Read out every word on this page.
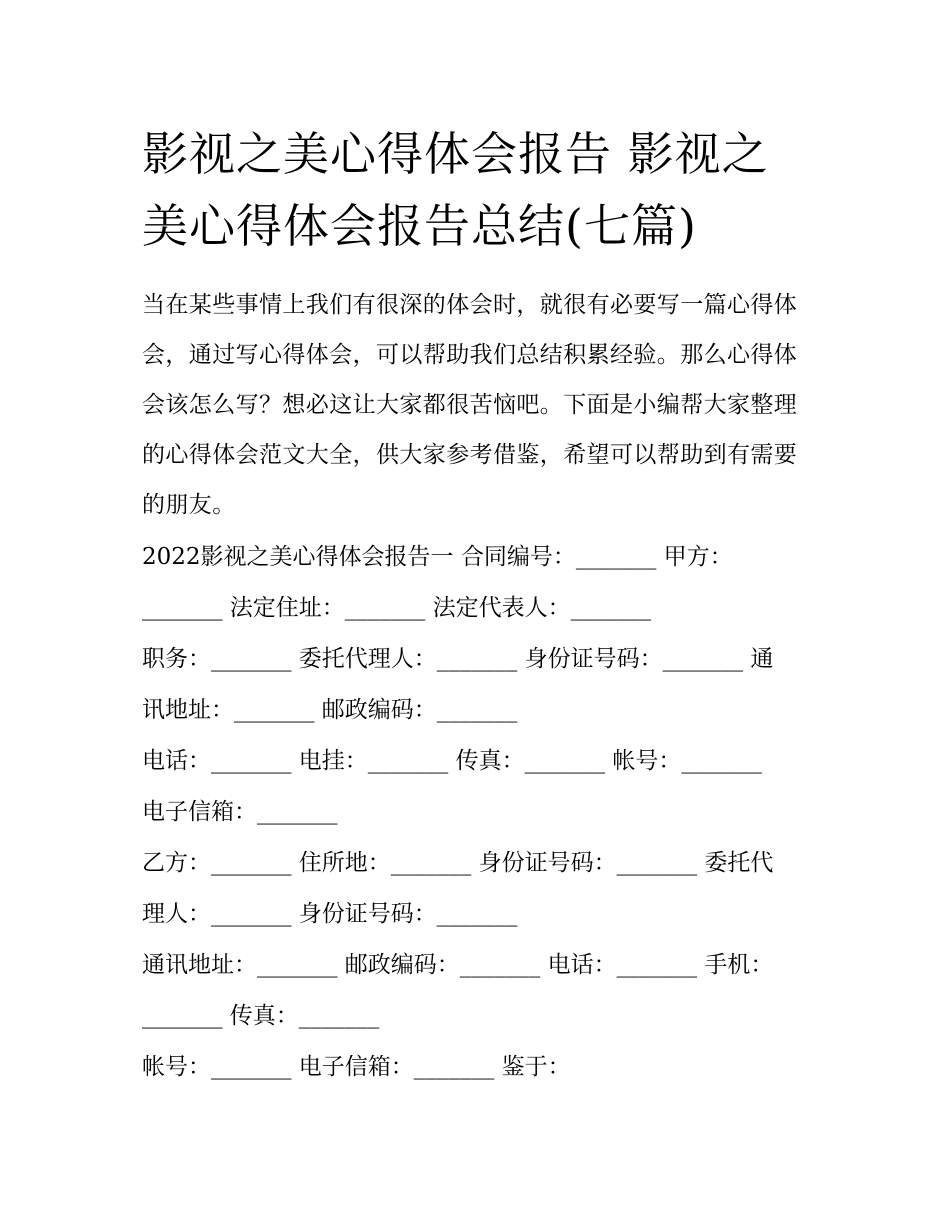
影视之美心得体会报告 影视之美心得体会报告总结(七篇)

当在某些事情上我们有很深的体会时，就很有必要写一篇心得体会，通过写心得体会，可以帮助我们总结积累经验。那么心得体会该怎么写？想必这让大家都很苦恼吧。下面是小编帮大家整理的心得体会范文大全，供大家参考借鉴，希望可以帮助到有需要的朋友。

2022影视之美心得体会报告一 合同编号：_______ 甲方：

_______ 法定住址：_______ 法定代表人：_______

职务：_______ 委托代理人：_______ 身份证号码：_______ 通

讯地址：_______ 邮政编码：_______

电话：_______ 电挂：_______ 传真：_______ 帐号：_______

电子信箱：_______

乙方：_______ 住所地：_______ 身份证号码：_______ 委托代

理人：_______ 身份证号码：_______

通讯地址：_______ 邮政编码：_______ 电话：_______ 手机：

_______ 传真：_______

帐号：_______ 电子信箱：_______ 鉴于：
